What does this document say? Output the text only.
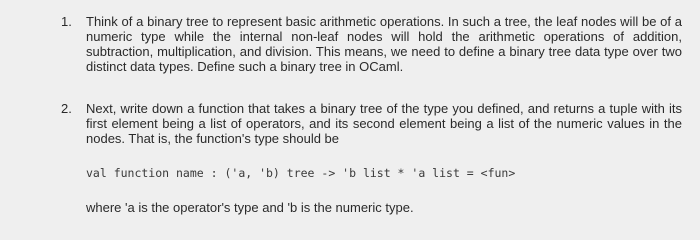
1. Think of a binary tree to represent basic arithmetic operations. In such a tree, the leaf nodes will be of a numeric type while the internal non-leaf nodes will hold the arithmetic operations of addition, subtraction, multiplication, and division. This means, we need to define a binary tree data type over two distinct data types. Define such a binary tree in OCaml.
2. Next, write down a function that takes a binary tree of the type you defined, and returns a tuple with its first element being a list of operators, and its second element being a list of the numeric values in the nodes. That is, the function's type should be
val function name : ('a, 'b) tree -> 'b list * 'a list = <fun>
where 'a is the operator's type and 'b is the numeric type.
